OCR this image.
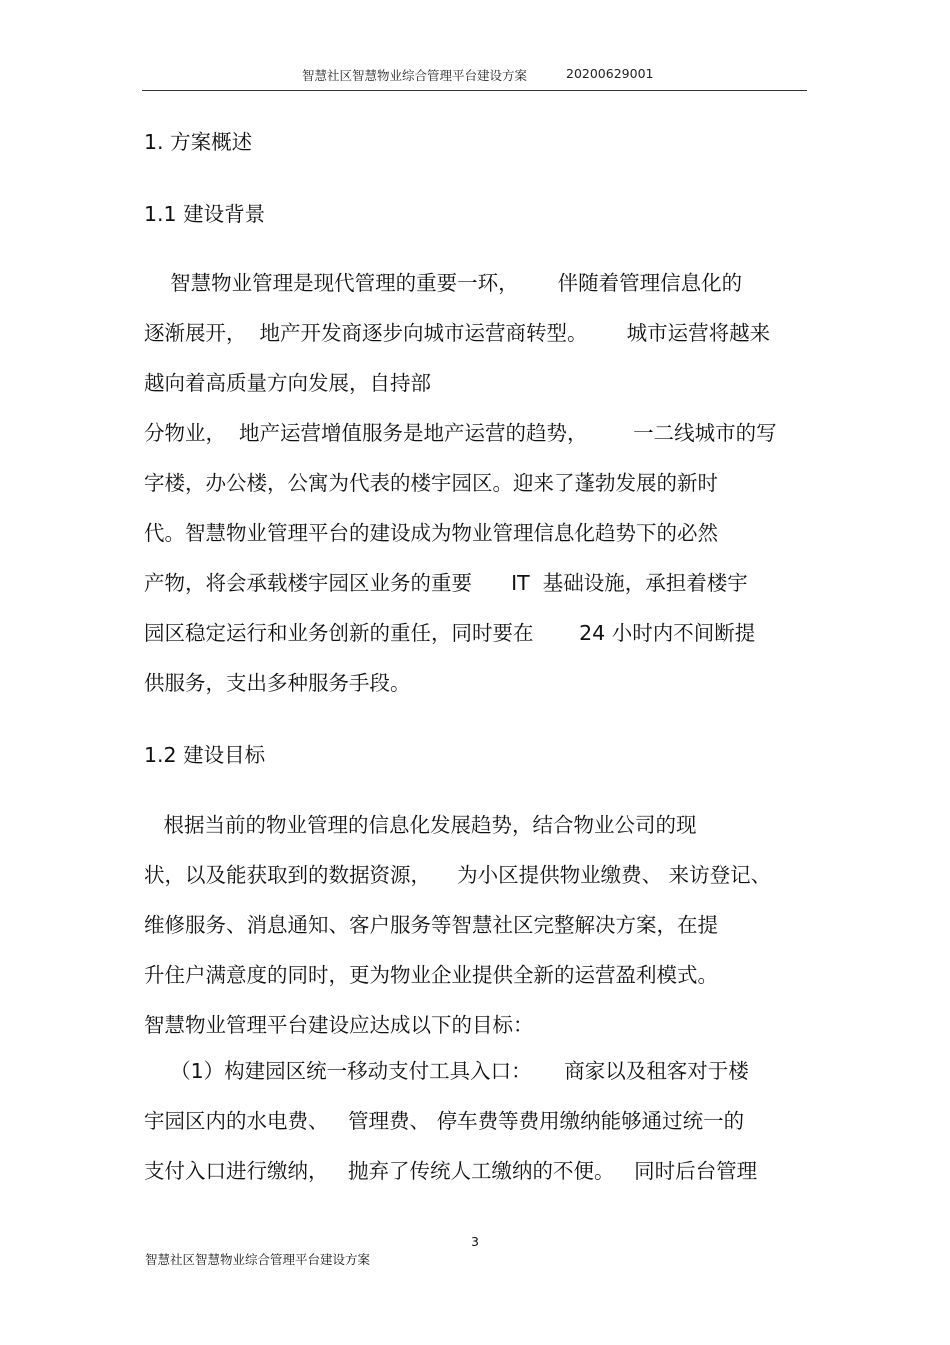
智慧社区智慧物业综合管理平台建设方案	20200629001
1. 方案概述
1.1 建设背景
智慧物业管理是现代管理的重要一环，      伴随着管理信息化的
逐渐展开，  地产开发商逐步向城市运营商转型。      城市运营将越来
越向着高质量方向发展，自持部
分物业，  地产运营增值服务是地产运营的趋势，       一二线城市的写
字楼，办公楼，公寓为代表的楼宇园区。迎来了蓬勃发展的新时
代。智慧物业管理平台的建设成为物业管理信息化趋势下的必然
产物，将会承载楼宇园区业务的重要      IT  基础设施，承担着楼宇
园区稳定运行和业务创新的重任，同时要在       24 小时内不间断提
供服务，支出多种服务手段。
1.2 建设目标
根据当前的物业管理的信息化发展趋势，结合物业公司的现
状，以及能获取到的数据资源，    为小区提供物业缴费、 来访登记、
维修服务、消息通知、客户服务等智慧社区完整解决方案，在提
升住户满意度的同时，更为物业企业提供全新的运营盈利模式。
智慧物业管理平台建设应达成以下的目标：
（1）构建园区统一移动支付工具入口：     商家以及租客对于楼
宇园区内的水电费、   管理费、 停车费等费用缴纳能够通过统一的
支付入口进行缴纳，   抛弃了传统人工缴纳的不便。   同时后台管理
3
智慧社区智慧物业综合管理平台建设方案
